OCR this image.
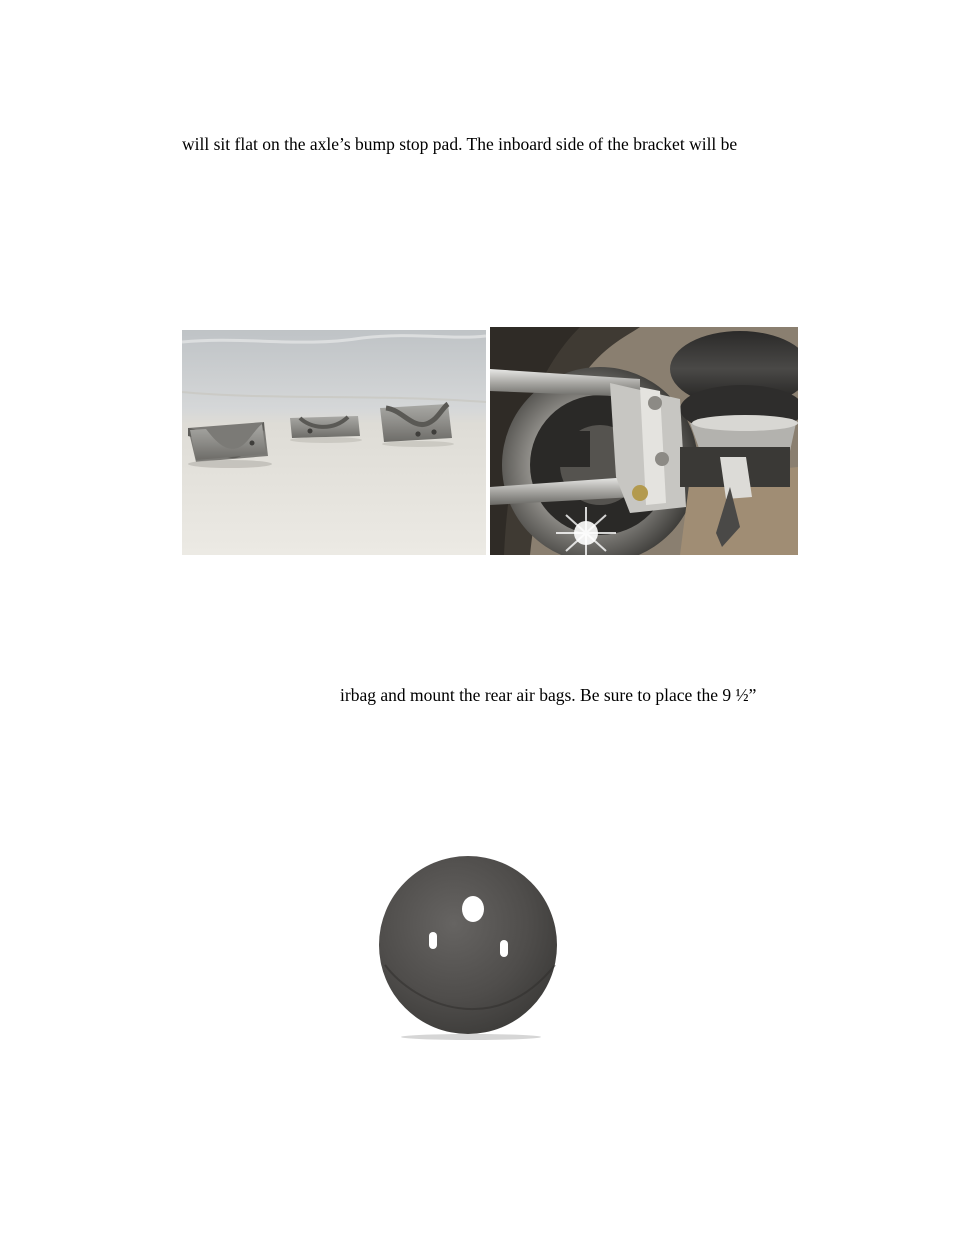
will sit flat on the axle’s bump stop pad. The inboard side of the bracket will be
irbag and mount the rear air bags. Be sure to place the 9 ½”
